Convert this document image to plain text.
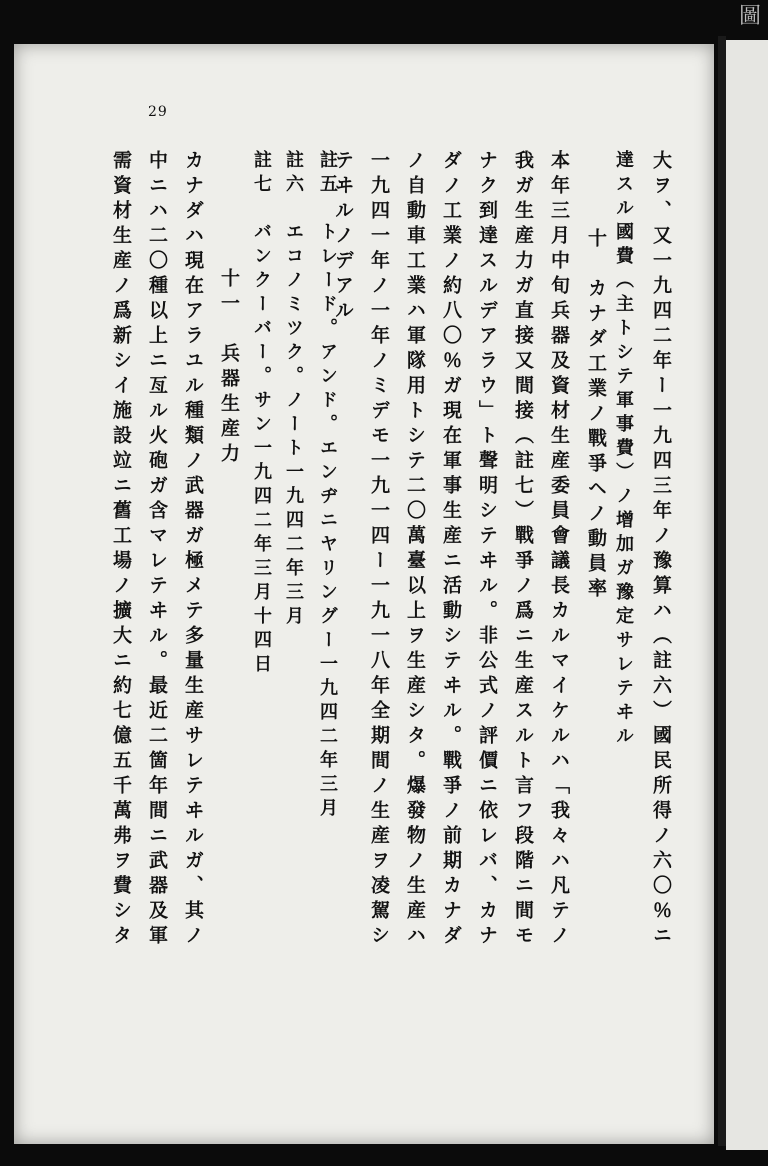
圖
29
大ヲ、又一九四二年ー一九四三年ノ豫算ハ（註六）國民所得ノ六〇％ニ
達スル國費（主トシテ軍事費）ノ增加ガ豫定サレテヰル
十　カナダ工業ノ戰爭ヘノ動員率
本年三月中旬兵器及資材生産委員會議長カルマイケルハ「我々ハ凡テノ
我ガ生産力ガ直接又間接（註七）戰爭ノ爲ニ生産スルト言フ段階ニ間モ
ナク到達スルデアラウ」ト聲明シテヰル。非公式ノ評價ニ依レバ、カナ
ダノ工業ノ約八〇％ガ現在軍事生産ニ活動シテヰル。戰爭ノ前期カナダ
ノ自動車工業ハ軍隊用トシテ二〇萬臺以上ヲ生産シタ。爆發物ノ生産ハ
一九四一年ノ一年ノミデモ一九一四ー一九一八年全期間ノ生産ヲ凌駕シ
テヰルノデアル
註五　トレード。アンド。エンヂニヤリングー一九四二年三月
註六　エコノミツク。ノート一九四二年三月
註七　バンクーバー。サン一九四二年三月十四日
十一　兵器生産力
カナダハ現在アラユル種類ノ武器ガ極メテ多量生産サレテヰルガ、其ノ
中ニハ二〇種以上ニ亙ル火砲ガ含マレテヰル。最近二箇年間ニ武器及軍
需資材生産ノ爲新シイ施設竝ニ舊工場ノ擴大ニ約七億五千萬弗ヲ費シタ
